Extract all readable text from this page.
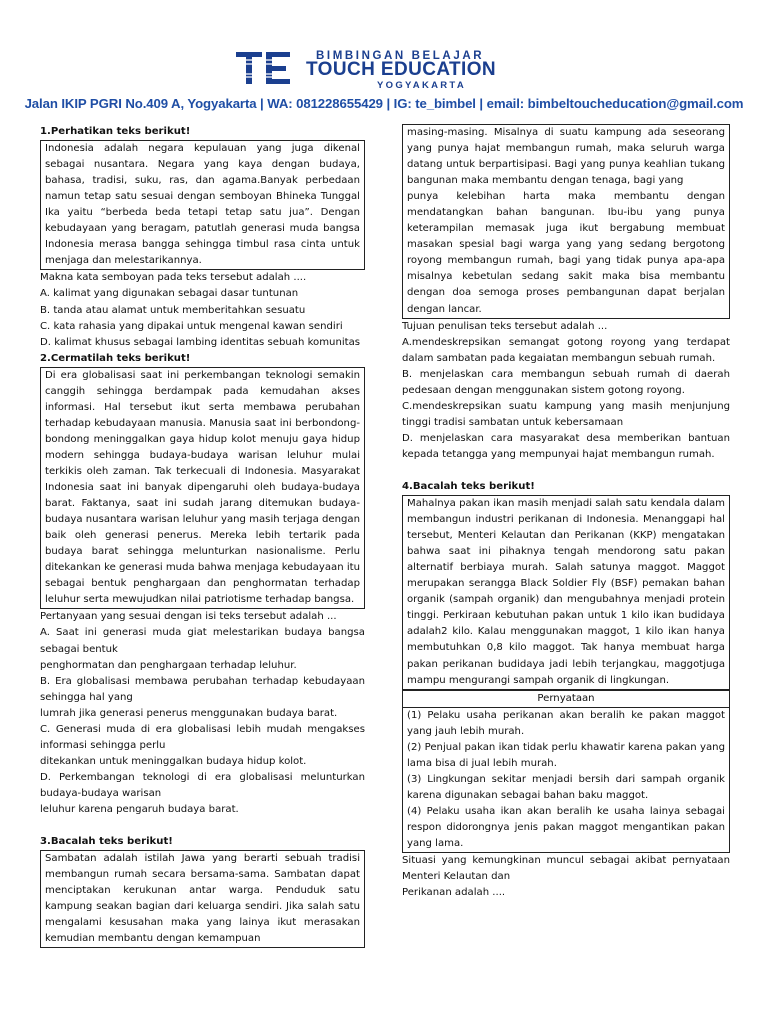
BIMBINGAN BELAJAR
TOUCH EDUCATION
YOGYAKARTA
Jalan IKIP PGRI No.409 A, Yogyakarta | WA: 081228655429 | IG: te_bimbel | email: bimbeltoucheducation@gmail.com
1.Perhatikan teks berikut!
Indonesia adalah negara kepulauan yang juga dikenal sebagai nusantara. Negara yang kaya dengan budaya, bahasa, tradisi, suku, ras, dan agama.Banyak perbedaan namun tetap satu sesuai dengan semboyan Bhineka Tunggal Ika yaitu “berbeda beda tetapi tetap satu jua”. Dengan kebudayaan yang beragam, patutlah generasi muda bangsa Indonesia merasa bangga sehingga timbul rasa cinta untuk menjaga dan melestarikannya.
Makna kata semboyan pada teks tersebut adalah ....
A. kalimat yang digunakan sebagai dasar tuntunan
B. tanda atau alamat untuk memberitahkan sesuatu
C. kata rahasia yang dipakai untuk mengenal kawan sendiri
D. kalimat khusus sebagai lambing identitas sebuah komunitas
2.Cermatilah teks berikut!
Di era globalisasi saat ini perkembangan teknologi semakin canggih sehingga berdampak pada kemudahan akses informasi. Hal tersebut ikut serta membawa perubahan terhadap kebudayaan manusia. Manusia saat ini berbondong-bondong meninggalkan gaya hidup kolot menuju gaya hidup modern sehingga budaya-budaya warisan leluhur mulai terkikis oleh zaman. Tak terkecuali di Indonesia. Masyarakat Indonesia saat ini banyak dipengaruhi oleh budaya-budaya barat. Faktanya, saat ini sudah jarang ditemukan budaya-budaya nusantara warisan leluhur yang masih terjaga dengan baik oleh generasi penerus. Mereka lebih tertarik pada budaya barat sehingga melunturkan nasionalisme. Perlu ditekankan ke generasi muda bahwa menjaga kebudayaan itu sebagai bentuk penghargaan dan penghormatan terhadap leluhur serta mewujudkan nilai patriotisme terhadap bangsa.
Pertanyaan yang sesuai dengan isi teks tersebut adalah ...
A. Saat ini generasi muda giat melestarikan budaya bangsa sebagai bentuk
penghormatan dan penghargaan terhadap leluhur.
B. Era globalisasi membawa perubahan terhadap kebudayaan sehingga hal yang
lumrah jika generasi penerus menggunakan budaya barat.
C. Generasi muda di era globalisasi lebih mudah mengakses informasi sehingga perlu
ditekankan untuk meninggalkan budaya hidup kolot.
D. Perkembangan teknologi di era globalisasi melunturkan budaya-budaya warisan
leluhur karena pengaruh budaya barat.
3.Bacalah teks berikut!
Sambatan adalah istilah Jawa yang berarti sebuah tradisi membangun rumah secara bersama-sama. Sambatan dapat menciptakan kerukunan antar warga. Penduduk satu kampung seakan bagian dari keluarga sendiri. Jika salah satu mengalami kesusahan maka yang lainya ikut merasakan kemudian membantu dengan kemampuan
masing-masing. Misalnya di suatu kampung ada seseorang yang punya hajat membangun rumah, maka seluruh warga datang untuk berpartisipasi. Bagi yang punya keahlian tukang bangunan maka membantu dengan tenaga, bagi yang
punya kelebihan harta maka membantu dengan mendatangkan bahan bangunan. Ibu-ibu yang punya keterampilan memasak juga ikut bergabung membuat masakan spesial bagi warga yang yang sedang bergotong royong membangun rumah, bagi yang tidak punya apa-apa misalnya kebetulan sedang sakit maka bisa membantu dengan doa semoga proses pembangunan dapat berjalan dengan lancar.
Tujuan penulisan teks tersebut adalah ...
A.mendeskrepsikan semangat gotong royong yang terdapat dalam sambatan pada kegaiatan membangun sebuah rumah.
B. menjelaskan cara membangun sebuah rumah di daerah pedesaan dengan menggunakan sistem gotong royong.
C.mendeskrepsikan suatu kampung yang masih menjunjung tinggi tradisi sambatan untuk kebersamaan
D. menjelaskan cara masyarakat desa memberikan bantuan kepada tetangga yang mempunyai hajat membangun rumah.
4.Bacalah teks berikut!
Mahalnya pakan ikan masih menjadi salah satu kendala dalam membangun industri perikanan di Indonesia. Menanggapi hal tersebut, Menteri Kelautan dan Perikanan (KKP) mengatakan bahwa saat ini pihaknya tengah mendorong satu pakan alternatif berbiaya murah. Salah satunya maggot. Maggot merupakan serangga Black Soldier Fly (BSF) pemakan bahan organik (sampah organik) dan mengubahnya menjadi protein tinggi. Perkiraan kebutuhan pakan untuk 1 kilo ikan budidaya adalah2 kilo. Kalau menggunakan maggot, 1 kilo ikan hanya membutuhkan 0,8 kilo maggot. Tak hanya membuat harga pakan perikanan budidaya jadi lebih terjangkau, maggotjuga mampu mengurangi sampah organik di lingkungan.
Pernyataan
(1) Pelaku usaha perikanan akan beralih ke pakan maggot yang jauh lebih murah.
(2) Penjual pakan ikan tidak perlu khawatir karena pakan yang lama bisa di jual lebih murah.
(3) Lingkungan sekitar menjadi bersih dari sampah organik karena digunakan sebagai bahan baku maggot.
(4) Pelaku usaha ikan akan beralih ke usaha lainya sebagai respon didorongnya jenis pakan maggot mengantikan pakan yang lama.
Situasi yang kemungkinan muncul sebagai akibat pernyataan Menteri Kelautan dan
Perikanan adalah ....
